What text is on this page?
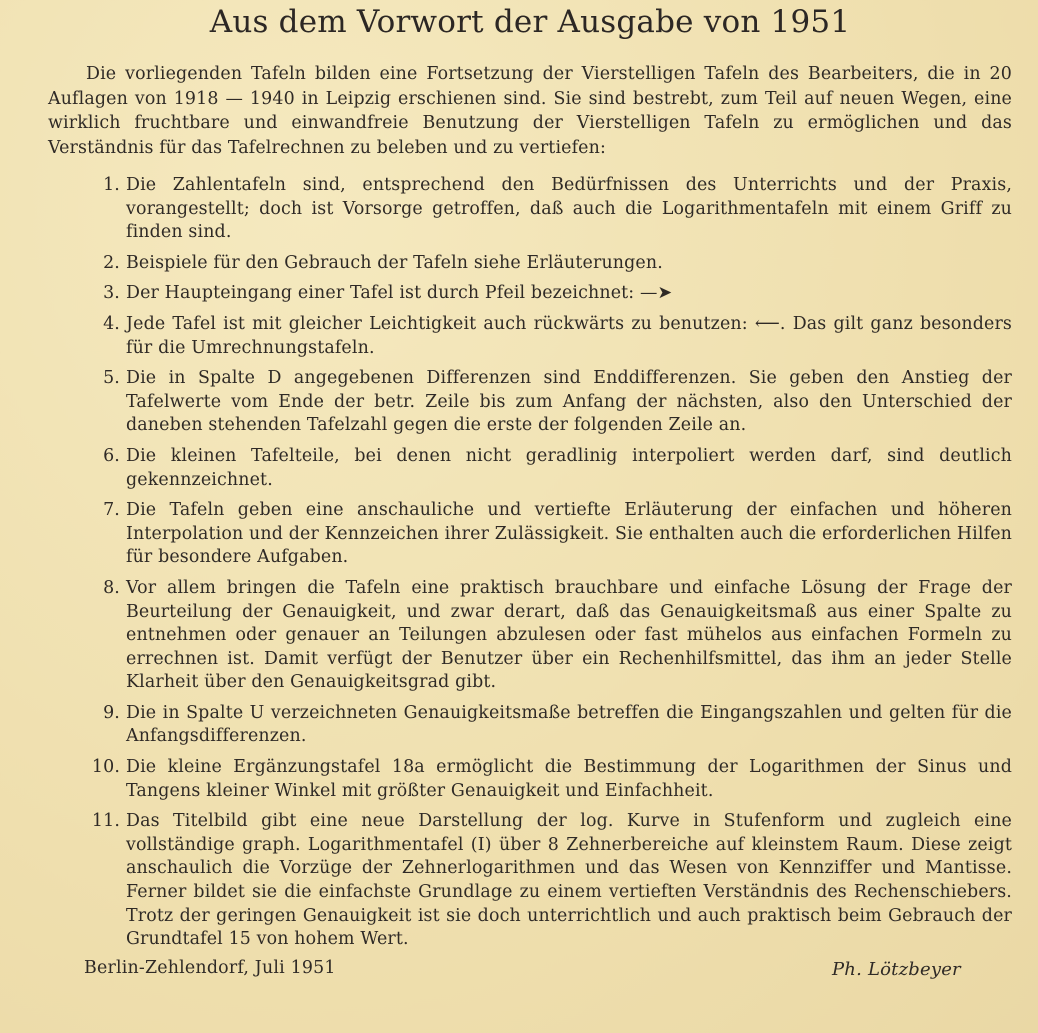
Aus dem Vorwort der Ausgabe von 1951

Die vorliegenden Tafeln bilden eine Fortsetzung der Vierstelligen Tafeln des Bearbeiters, die in 20 Auflagen von 1918 — 1940 in Leipzig erschienen sind. Sie sind bestrebt, zum Teil auf neuen Wegen, eine wirklich fruchtbare und einwandfreie Benutzung der Vierstelligen Tafeln zu ermöglichen und das Verständnis für das Tafelrechnen zu beleben und zu vertiefen:

1. Die Zahlentafeln sind, entsprechend den Bedürfnissen des Unterrichts und der Praxis, vorangestellt; doch ist Vorsorge getroffen, daß auch die Logarithmentafeln mit einem Griff zu finden sind.
2. Beispiele für den Gebrauch der Tafeln siehe Erläuterungen.
3. Der Haupteingang einer Tafel ist durch Pfeil bezeichnet: —➤
4. Jede Tafel ist mit gleicher Leichtigkeit auch rückwärts zu benutzen: ⟵. Das gilt ganz besonders für die Umrechnungstafeln.
5. Die in Spalte D angegebenen Differenzen sind Enddifferenzen. Sie geben den Anstieg der Tafelwerte vom Ende der betr. Zeile bis zum Anfang der nächsten, also den Unterschied der daneben stehenden Tafelzahl gegen die erste der folgenden Zeile an.
6. Die kleinen Tafelteile, bei denen nicht geradlinig interpoliert werden darf, sind deutlich gekennzeichnet.
7. Die Tafeln geben eine anschauliche und vertiefte Erläuterung der einfachen und höheren Interpolation und der Kennzeichen ihrer Zulässigkeit. Sie enthalten auch die erforderlichen Hilfen für besondere Aufgaben.
8. Vor allem bringen die Tafeln eine praktisch brauchbare und einfache Lösung der Frage der Beurteilung der Genauigkeit, und zwar derart, daß das Genauigkeitsmaß aus einer Spalte zu entnehmen oder genauer an Teilungen abzulesen oder fast mühelos aus einfachen Formeln zu errechnen ist. Damit verfügt der Benutzer über ein Rechenhilfsmittel, das ihm an jeder Stelle Klarheit über den Genauigkeitsgrad gibt.
9. Die in Spalte U verzeichneten Genauigkeitsmaße betreffen die Eingangszahlen und gelten für die Anfangsdifferenzen.
10. Die kleine Ergänzungstafel 18a ermöglicht die Bestimmung der Logarithmen der Sinus und Tangens kleiner Winkel mit größter Genauigkeit und Einfachheit.
11. Das Titelbild gibt eine neue Darstellung der log. Kurve in Stufenform und zugleich eine vollständige graph. Logarithmentafel (I) über 8 Zehnerbereiche auf kleinstem Raum. Diese zeigt anschaulich die Vorzüge der Zehnerlogarithmen und das Wesen von Kennziffer und Mantisse. Ferner bildet sie die einfachste Grundlage zu einem vertieften Verständnis des Rechenschiebers. Trotz der geringen Genauigkeit ist sie doch unterrichtlich und auch praktisch beim Gebrauch der Grundtafel 15 von hohem Wert.
Berlin-Zehlendorf, Juli 1951	Ph. Lötzbeyer
